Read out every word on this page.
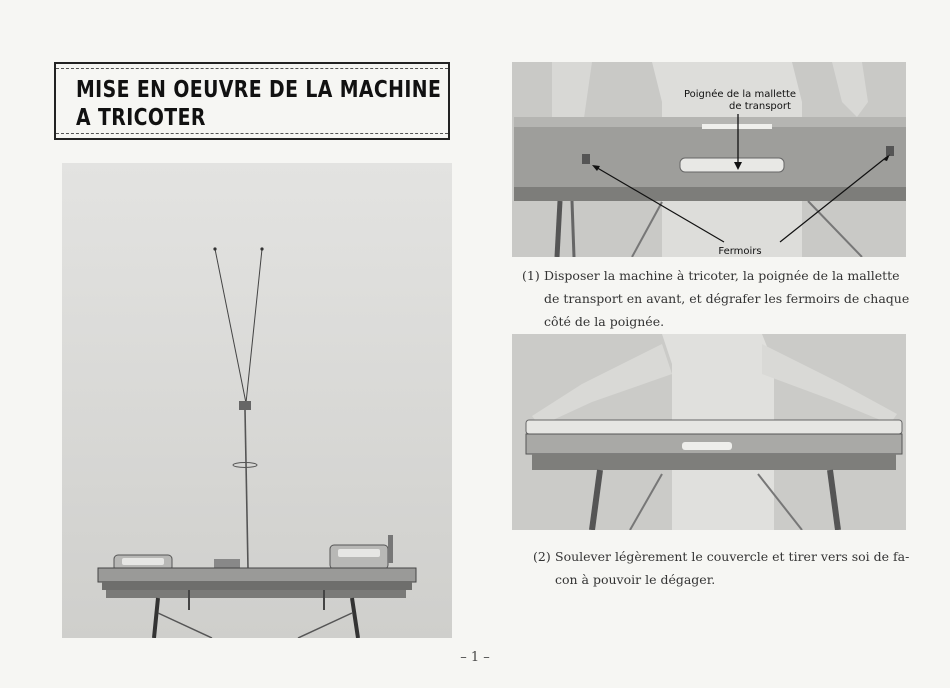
MISE EN OEUVRE DE LA MACHINE
A TRICOTER
Poignée de la mallette
de transport
Fermoirs
(1) Disposer la machine à tricoter, la poignée de la mallette
de transport en avant, et dégrafer les fermoirs de chaque
côté de la poignée.
(2) Soulever légèrement le couvercle et tirer vers soi de fa-
con à pouvoir le dégager.
– 1 –
